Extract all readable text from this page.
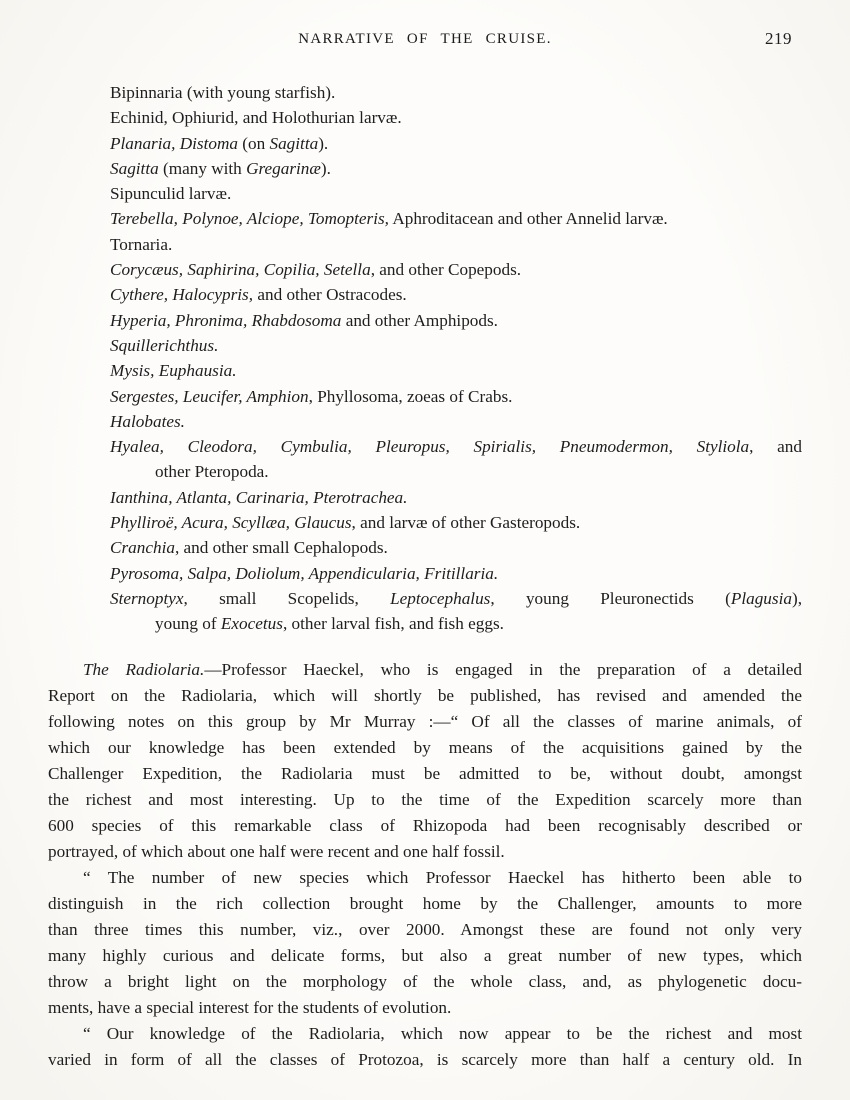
NARRATIVE OF THE CRUISE.	219
Bipinnaria (with young starfish).
Echinid, Ophiurid, and Holothurian larvæ.
Planaria, Distoma (on Sagitta).
Sagitta (many with Gregarinæ).
Sipunculid larvæ.
Terebella, Polynoe, Alciope, Tomopteris, Aphroditacean and other Annelid larvæ.
Tornaria.
Corycæus, Saphirina, Copilia, Setella, and other Copepods.
Cythere, Halocypris, and other Ostracodes.
Hyperia, Phronima, Rhabdosoma and other Amphipods.
Squillerichthus.
Mysis, Euphausia.
Sergestes, Leucifer, Amphion, Phyllosoma, zoeas of Crabs.
Halobates.
Hyalea, Cleodora, Cymbulia, Pleuropus, Spirialis, Pneumodermon, Styliola, and
other Pteropoda.
Ianthina, Atlanta, Carinaria, Pterotrachea.
Phylliroë, Acura, Scyllæa, Glaucus, and larvæ of other Gasteropods.
Cranchia, and other small Cephalopods.
Pyrosoma, Salpa, Doliolum, Appendicularia, Fritillaria.
Sternoptyx, small Scopelids, Leptocephalus, young Pleuronectids (Plagusia),
young of Exocetus, other larval fish, and fish eggs.
The Radiolaria.—Professor Haeckel, who is engaged in the preparation of a detailed
Report on the Radiolaria, which will shortly be published, has revised and amended the
following notes on this group by Mr Murray :—“ Of all the classes of marine animals, of
which our knowledge has been extended by means of the acquisitions gained by the
Challenger Expedition, the Radiolaria must be admitted to be, without doubt, amongst
the richest and most interesting. Up to the time of the Expedition scarcely more than
600 species of this remarkable class of Rhizopoda had been recognisably described or
portrayed, of which about one half were recent and one half fossil.
“ The number of new species which Professor Haeckel has hitherto been able to
distinguish in the rich collection brought home by the Challenger, amounts to more
than three times this number, viz., over 2000. Amongst these are found not only very
many highly curious and delicate forms, but also a great number of new types, which
throw a bright light on the morphology of the whole class, and, as phylogenetic docu-
ments, have a special interest for the students of evolution.
“ Our knowledge of the Radiolaria, which now appear to be the richest and most
varied in form of all the classes of Protozoa, is scarcely more than half a century old. In
